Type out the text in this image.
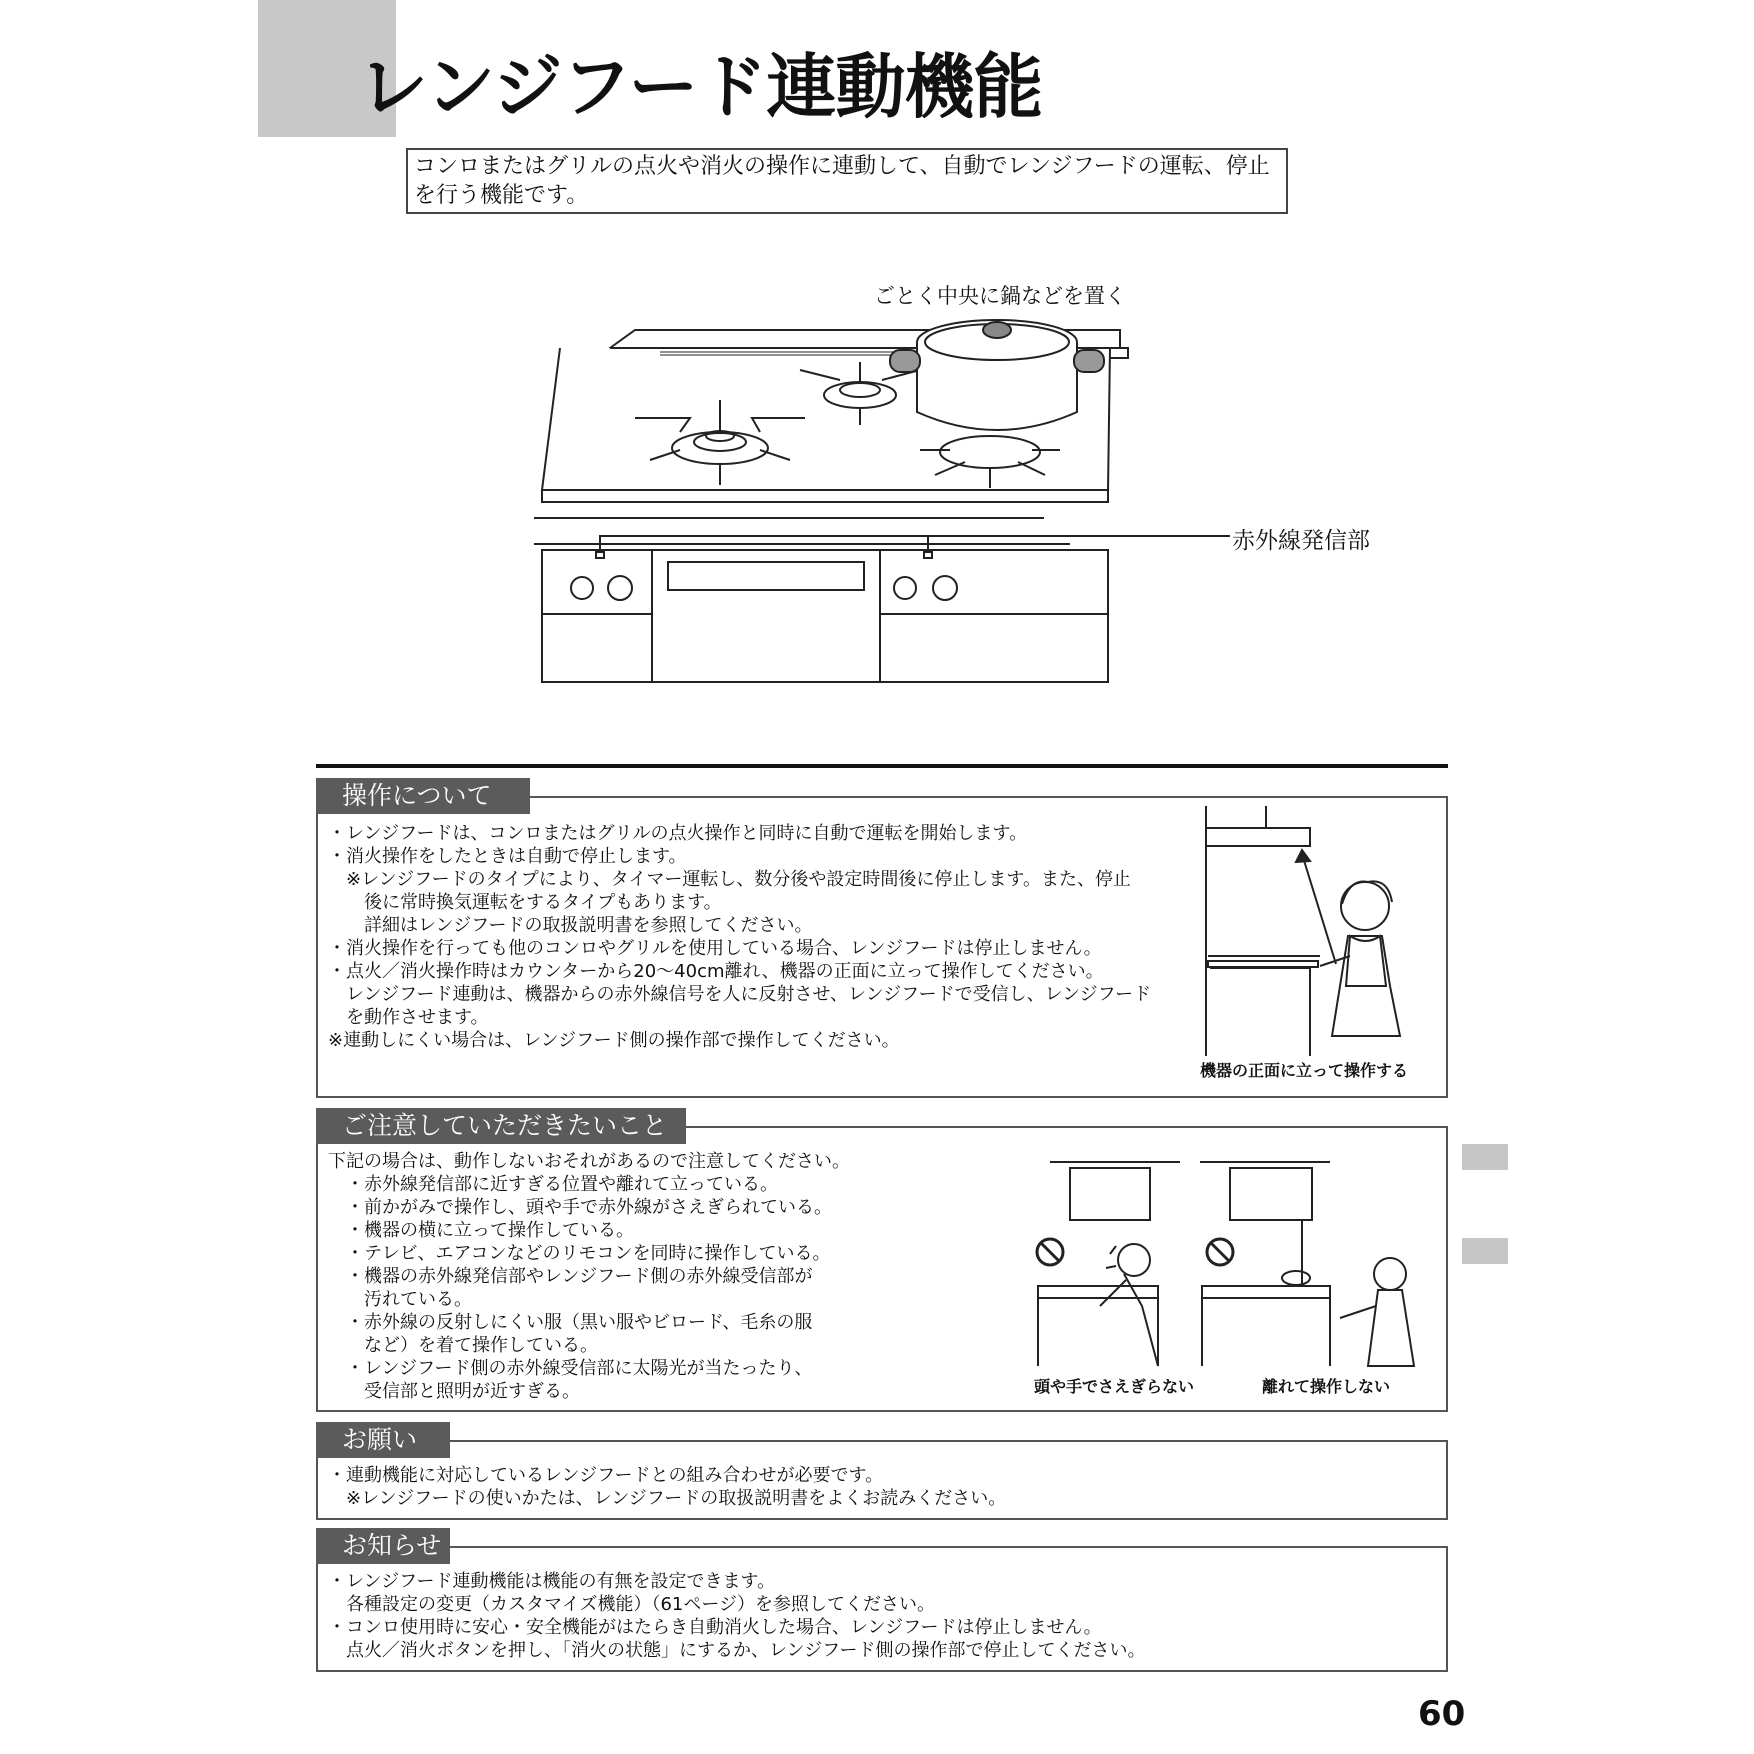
レンジフード連動機能
コンロまたはグリルの点火や消火の操作に連動して、自動でレンジフードの運転、停止を行う機能です。
ごとく中央に鍋などを置く
赤外線発信部
操作について

・レンジフードは、コンロまたはグリルの点火操作と同時に自動で運転を開始します。

・消火操作をしたときは自動で停止します。

　※レンジフードのタイプにより、タイマー運転し、数分後や設定時間後に停止します。また、停止

　　後に常時換気運転をするタイプもあります。

　　詳細はレンジフードの取扱説明書を参照してください。

・消火操作を行っても他のコンロやグリルを使用している場合、レンジフードは停止しません。

・点火／消火操作時はカウンターから20～40cm離れ、機器の正面に立って操作してください。

　レンジフード連動は、機器からの赤外線信号を人に反射させ、レンジフードで受信し、レンジフード

　を動作させます。

※連動しにくい場合は、レンジフード側の操作部で操作してください。

機器の正面に立って操作する
ご注意していただきたいこと

下記の場合は、動作しないおそれがあるので注意してください。

　・赤外線発信部に近すぎる位置や離れて立っている。

　・前かがみで操作し、頭や手で赤外線がさえぎられている。

　・機器の横に立って操作している。

　・テレビ、エアコンなどのリモコンを同時に操作している。

　・機器の赤外線発信部やレンジフード側の赤外線受信部が

　　汚れている。

　・赤外線の反射しにくい服（黒い服やビロード、毛糸の服

　　など）を着て操作している。

　・レンジフード側の赤外線受信部に太陽光が当たったり、

　　受信部と照明が近すぎる。	頭や手でさえぎらない	離れて操作しない
お願い

・連動機能に対応しているレンジフードとの組み合わせが必要です。

　※レンジフードの使いかたは、レンジフードの取扱説明書をよくお読みください。

お知らせ

・レンジフード連動機能は機能の有無を設定できます。

　各種設定の変更（カスタマイズ機能）（61ページ）を参照してください。

・コンロ使用時に安心・安全機能がはたらき自動消火した場合、レンジフードは停止しません。

　点火／消火ボタンを押し、「消火の状態」にするか、レンジフード側の操作部で停止してください。

60
